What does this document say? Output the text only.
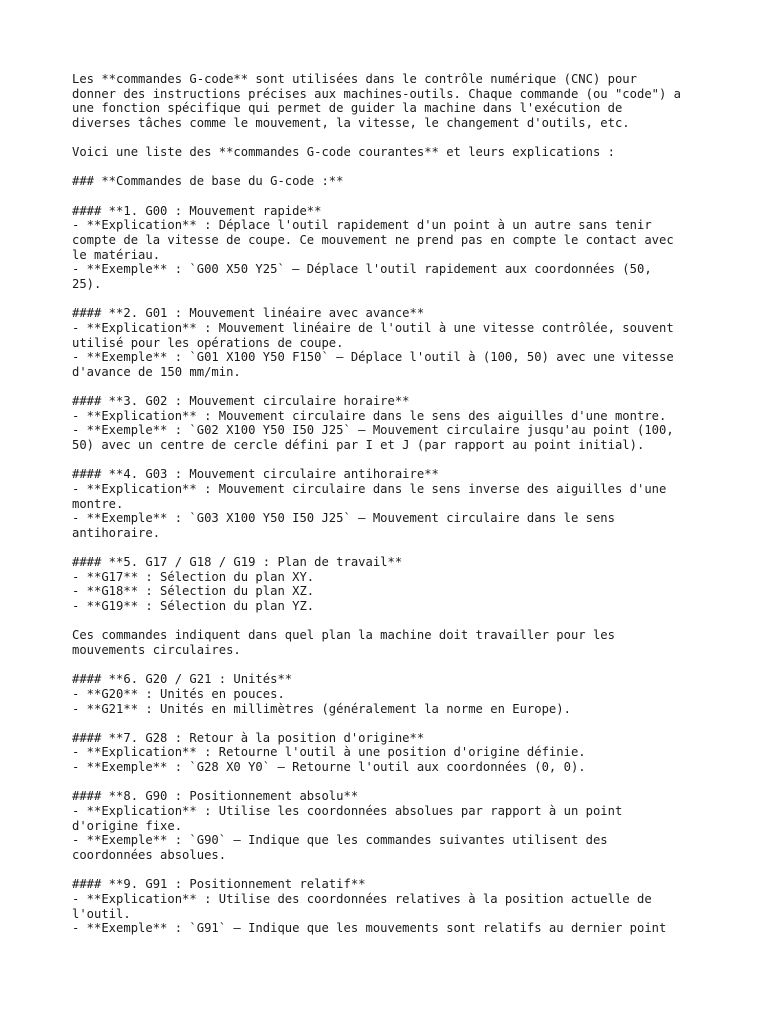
Les **commandes G-code** sont utilisées dans le contrôle numérique (CNC) pour
donner des instructions précises aux machines-outils. Chaque commande (ou "code") a
une fonction spécifique qui permet de guider la machine dans l'exécution de
diverses tâches comme le mouvement, la vitesse, le changement d'outils, etc.
Voici une liste des **commandes G-code courantes** et leurs explications :
### **Commandes de base du G-code :**
#### **1. G00 : Mouvement rapide**
- **Explication** : Déplace l'outil rapidement d'un point à un autre sans tenir
compte de la vitesse de coupe. Ce mouvement ne prend pas en compte le contact avec
le matériau.
- **Exemple** : `G00 X50 Y25` – Déplace l'outil rapidement aux coordonnées (50,
25).
#### **2. G01 : Mouvement linéaire avec avance**
- **Explication** : Mouvement linéaire de l'outil à une vitesse contrôlée, souvent
utilisé pour les opérations de coupe.
- **Exemple** : `G01 X100 Y50 F150` – Déplace l'outil à (100, 50) avec une vitesse
d'avance de 150 mm/min.
#### **3. G02 : Mouvement circulaire horaire**
- **Explication** : Mouvement circulaire dans le sens des aiguilles d'une montre.
- **Exemple** : `G02 X100 Y50 I50 J25` – Mouvement circulaire jusqu'au point (100,
50) avec un centre de cercle défini par I et J (par rapport au point initial).
#### **4. G03 : Mouvement circulaire antihoraire**
- **Explication** : Mouvement circulaire dans le sens inverse des aiguilles d'une
montre.
- **Exemple** : `G03 X100 Y50 I50 J25` – Mouvement circulaire dans le sens
antihoraire.
#### **5. G17 / G18 / G19 : Plan de travail**
- **G17** : Sélection du plan XY.
- **G18** : Sélection du plan XZ.
- **G19** : Sélection du plan YZ.
Ces commandes indiquent dans quel plan la machine doit travailler pour les
mouvements circulaires.
#### **6. G20 / G21 : Unités**
- **G20** : Unités en pouces.
- **G21** : Unités en millimètres (généralement la norme en Europe).
#### **7. G28 : Retour à la position d'origine**
- **Explication** : Retourne l'outil à une position d'origine définie.
- **Exemple** : `G28 X0 Y0` – Retourne l'outil aux coordonnées (0, 0).
#### **8. G90 : Positionnement absolu**
- **Explication** : Utilise les coordonnées absolues par rapport à un point
d'origine fixe.
- **Exemple** : `G90` – Indique que les commandes suivantes utilisent des
coordonnées absolues.
#### **9. G91 : Positionnement relatif**
- **Explication** : Utilise des coordonnées relatives à la position actuelle de
l'outil.
- **Exemple** : `G91` – Indique que les mouvements sont relatifs au dernier point
